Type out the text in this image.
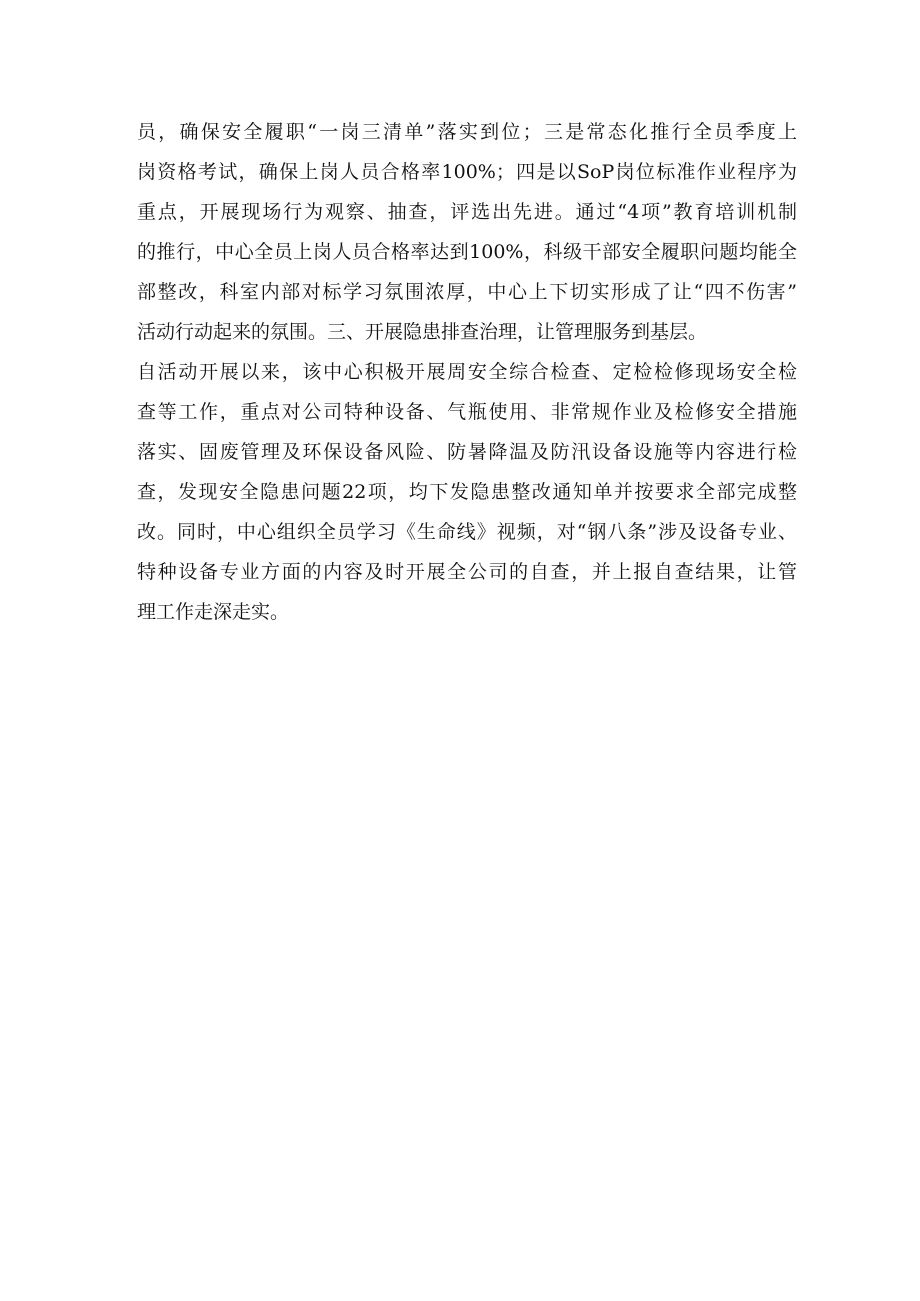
员，确保安全履职“一岗三清单”落实到位；三是常态化推行全员季度上
岗资格考试，确保上岗人员合格率100%；四是以SoP岗位标准作业程序为
重点，开展现场行为观察、抽查，评选出先进。通过“4项”教育培训机制
的推行，中心全员上岗人员合格率达到100%，科级干部安全履职问题均能全
部整改，科室内部对标学习氛围浓厚，中心上下切实形成了让“四不伤害”
活动行动起来的氛围。三、开展隐患排查治理，让管理服务到基层。
自活动开展以来，该中心积极开展周安全综合检查、定检检修现场安全检
查等工作，重点对公司特种设备、气瓶使用、非常规作业及检修安全措施
落实、固废管理及环保设备风险、防暑降温及防汛设备设施等内容进行检
查，发现安全隐患问题22项，均下发隐患整改通知单并按要求全部完成整
改。同时，中心组织全员学习《生命线》视频，对“钢八条”涉及设备专业、
特种设备专业方面的内容及时开展全公司的自查，并上报自查结果，让管
理工作走深走实。
